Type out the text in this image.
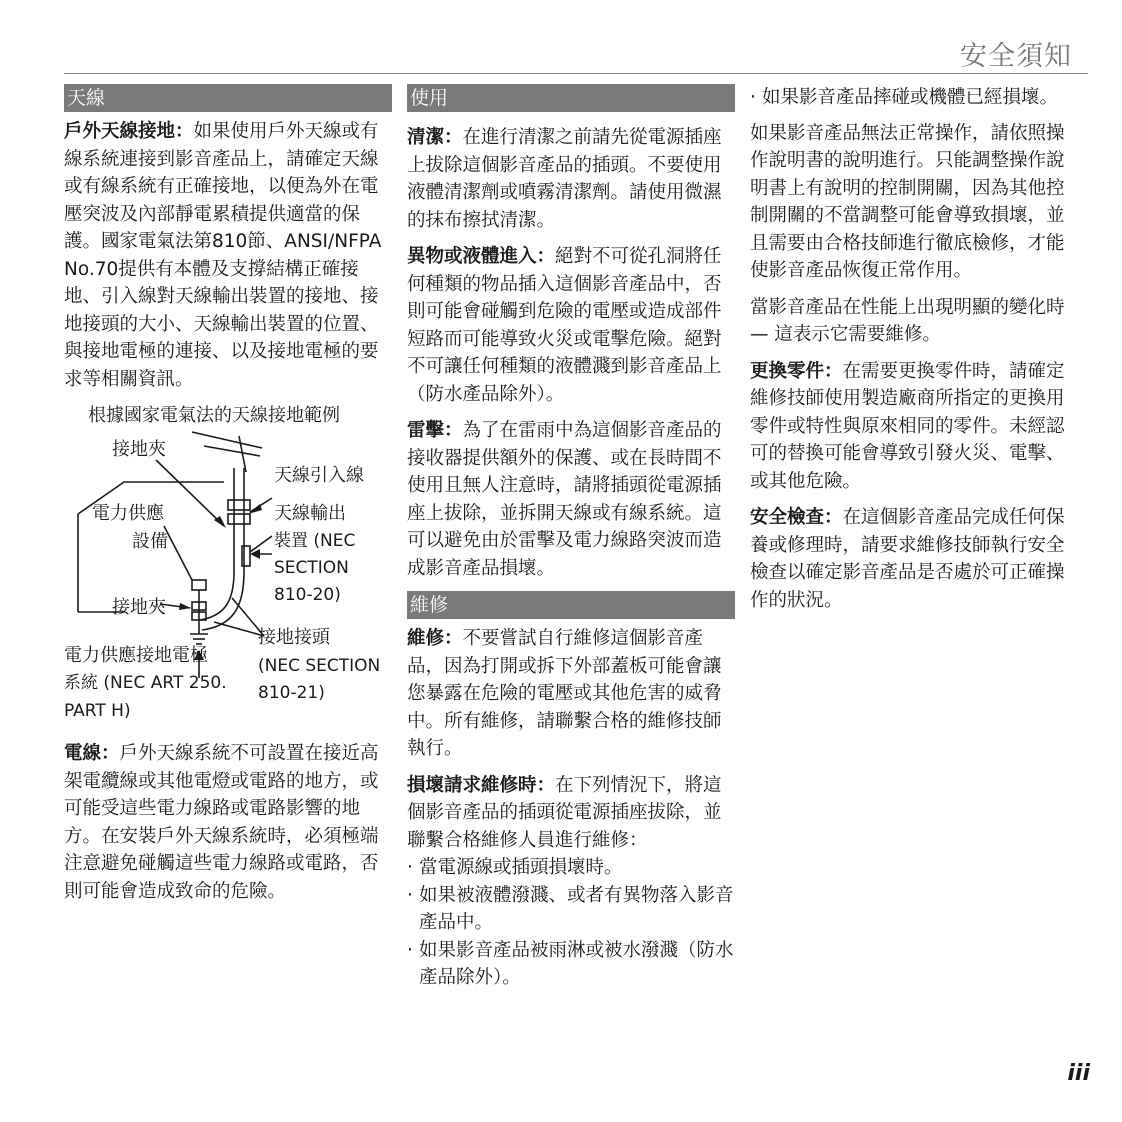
安全須知
天線

戶外天線接地：如果使用戶外天線或有線系統連接到影音產品上，請確定天線或有線系統有正確接地，以便為外在電壓突波及內部靜電累積提供適當的保護。國家電氣法第810節、ANSI/NFPA No.70提供有本體及支撐結構正確接地、引入線對天線輸出裝置的接地、接地接頭的大小、天線輸出裝置的位置、與接地電極的連接、以及接地電極的要求等相關資訊。

根據國家電氣法的天線接地範例
接地夾
天線引入線
電力供應
設備
天線輸出
裝置 (NEC
SECTION
810-20)
接地夾
接地接頭
(NEC SECTION
810-21)
電力供應接地電極
系統 (NEC ART 250.
PART H)

電線：戶外天線系統不可設置在接近高架電纜線或其他電燈或電路的地方，或可能受這些電力線路或電路影響的地方。在安裝戶外天線系統時，必須極端注意避免碰觸這些電力線路或電路，否則可能會造成致命的危險。

使用

清潔：在進行清潔之前請先從電源插座上拔除這個影音產品的插頭。不要使用液體清潔劑或噴霧清潔劑。請使用微濕的抹布擦拭清潔。

異物或液體進入：絕對不可從孔洞將任何種類的物品插入這個影音產品中，否則可能會碰觸到危險的電壓或造成部件短路而可能導致火災或電擊危險。絕對不可讓任何種類的液體濺到影音產品上（防水產品除外）。

雷擊：為了在雷雨中為這個影音產品的接收器提供額外的保護、或在長時間不使用且無人注意時，請將插頭從電源插座上拔除，並拆開天線或有線系統。這可以避免由於雷擊及電力線路突波而造成影音產品損壞。

維修

維修：不要嘗試自行維修這個影音產品，因為打開或拆下外部蓋板可能會讓您暴露在危險的電壓或其他危害的威脅中。所有維修，請聯繫合格的維修技師執行。

損壞請求維修時：在下列情況下，將這個影音產品的插頭從電源插座拔除，並聯繫合格維修人員進行維修：

· 當電源線或插頭損壞時。
· 如果被液體潑濺、或者有異物落入影音產品中。
· 如果影音產品被雨淋或被水潑濺（防水產品除外）。
· 如果影音產品摔碰或機體已經損壞。

如果影音產品無法正常操作，請依照操作說明書的說明進行。只能調整操作說明書上有說明的控制開關，因為其他控制開關的不當調整可能會導致損壞，並且需要由合格技師進行徹底檢修，才能使影音產品恢復正常作用。

當影音產品在性能上出現明顯的變化時 — 這表示它需要維修。

更換零件：在需要更換零件時，請確定維修技師使用製造廠商所指定的更換用零件或特性與原來相同的零件。未經認可的替換可能會導致引發火災、電擊、或其他危險。

安全檢查：在這個影音產品完成任何保養或修理時，請要求維修技師執行安全檢查以確定影音產品是否處於可正確操作的狀況。

iii
